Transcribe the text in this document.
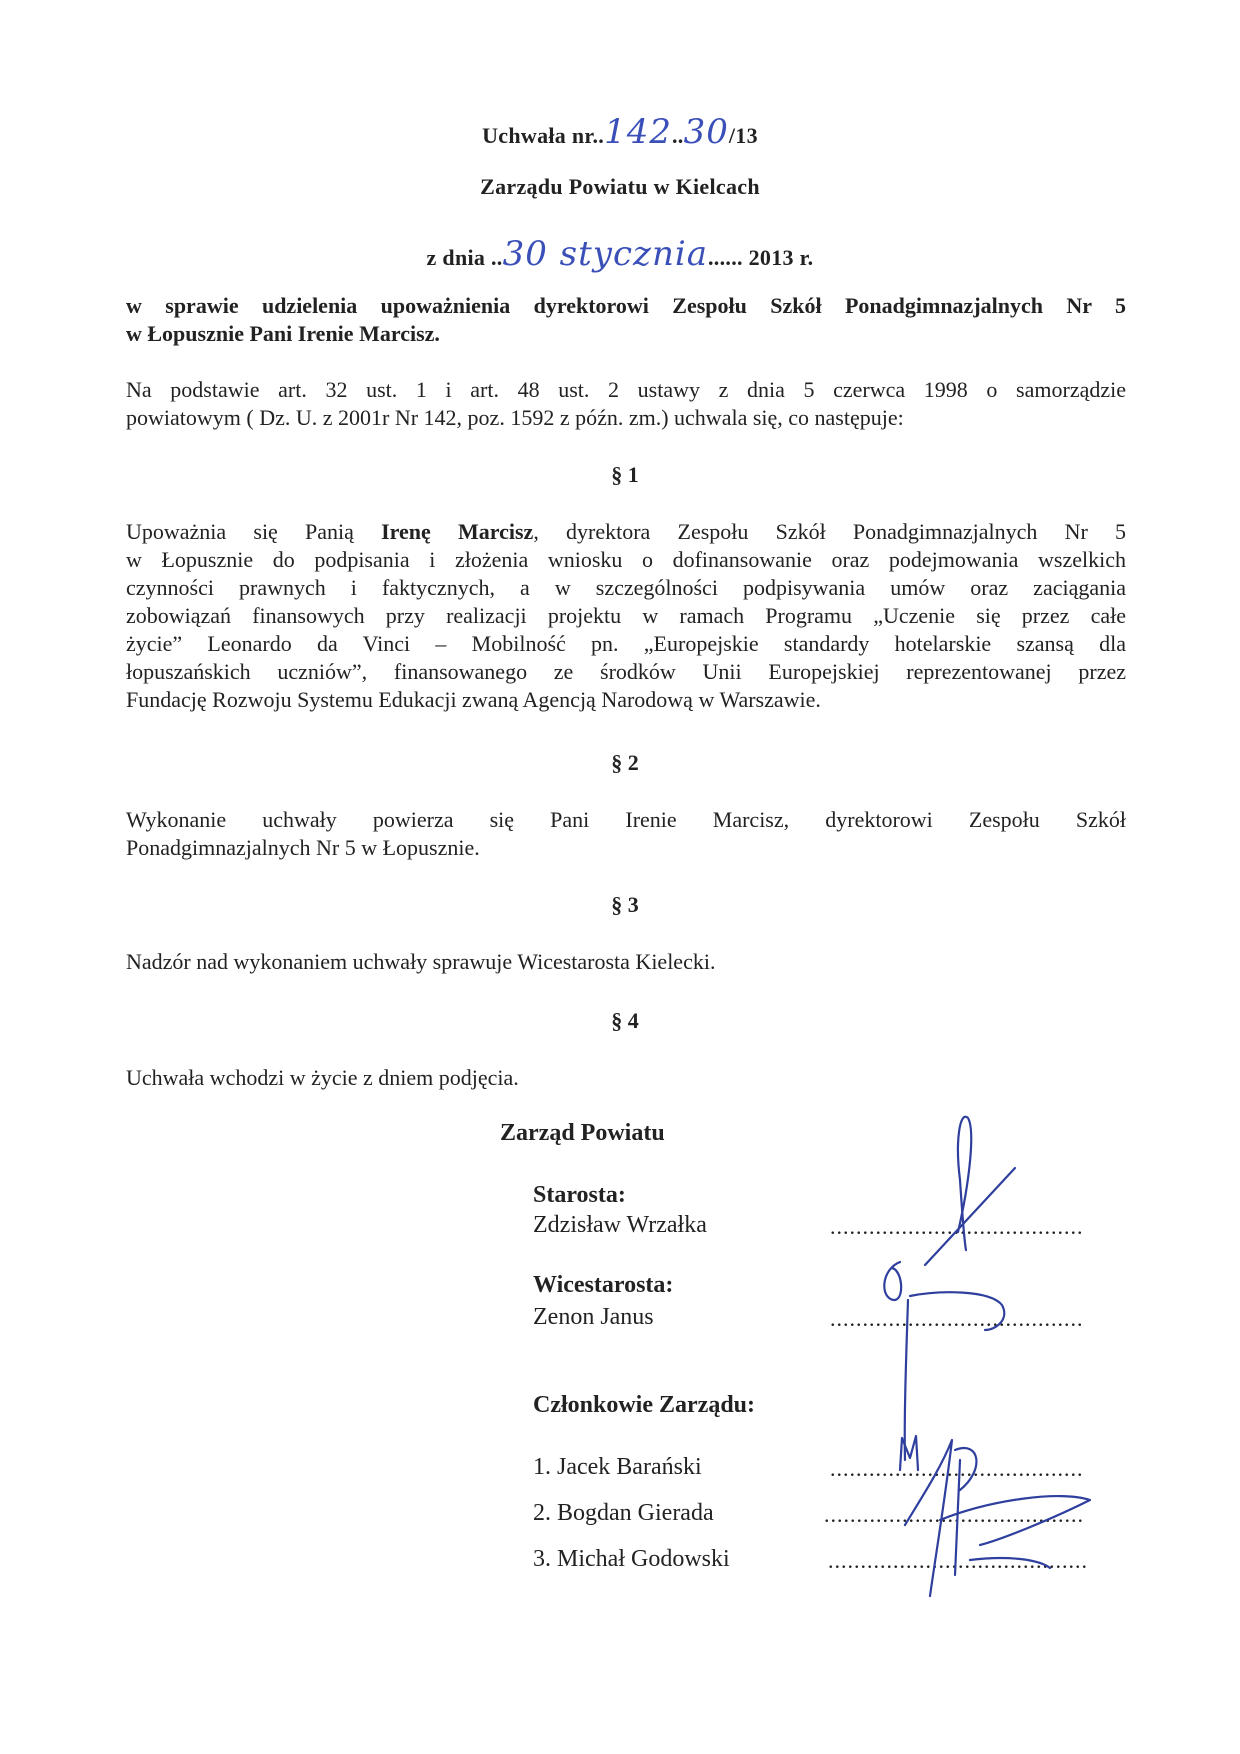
Uchwała nr..142..30/13
Zarządu Powiatu w Kielcach
z dnia ..30 stycznia...... 2013 r.
w sprawie udzielenia upoważnienia dyrektorowi Zespołu Szkół Ponadgimnazjalnych Nr 5
w Łopusznie Pani Irenie Marcisz.
Na podstawie art. 32 ust. 1 i art. 48 ust. 2 ustawy z dnia 5 czerwca 1998 o samorządzie
powiatowym ( Dz. U. z 2001r Nr 142, poz. 1592 z późn. zm.) uchwala się, co następuje:
§ 1
Upoważnia się Panią Irenę Marcisz, dyrektora Zespołu Szkół Ponadgimnazjalnych Nr 5
w Łopusznie do podpisania i złożenia wniosku o dofinansowanie oraz podejmowania wszelkich
czynności prawnych i faktycznych, a w szczególności podpisywania umów oraz zaciągania
zobowiązań finansowych przy realizacji projektu w ramach Programu „Uczenie się przez całe
życie” Leonardo da Vinci – Mobilność pn. „Europejskie standardy hotelarskie szansą dla
łopuszańskich uczniów”, finansowanego ze środków Unii Europejskiej reprezentowanej przez
Fundację Rozwoju Systemu Edukacji zwaną Agencją Narodową w Warszawie.
§ 2
Wykonanie uchwały powierza się Pani Irenie Marcisz, dyrektorowi Zespołu Szkół
Ponadgimnazjalnych Nr 5 w Łopusznie.
§ 3
Nadzór nad wykonaniem uchwały sprawuje Wicestarosta Kielecki.
§ 4
Uchwała wchodzi w życie z dniem podjęcia.
Zarząd Powiatu
Starosta:
Zdzisław Wrzałka	.......................................
Wicestarosta:
Zenon Janus	.......................................
Członkowie Zarządu:
1. Jacek Barański	.......................................
2. Bogdan Gierada	........................................
3. Michał Godowski	........................................
